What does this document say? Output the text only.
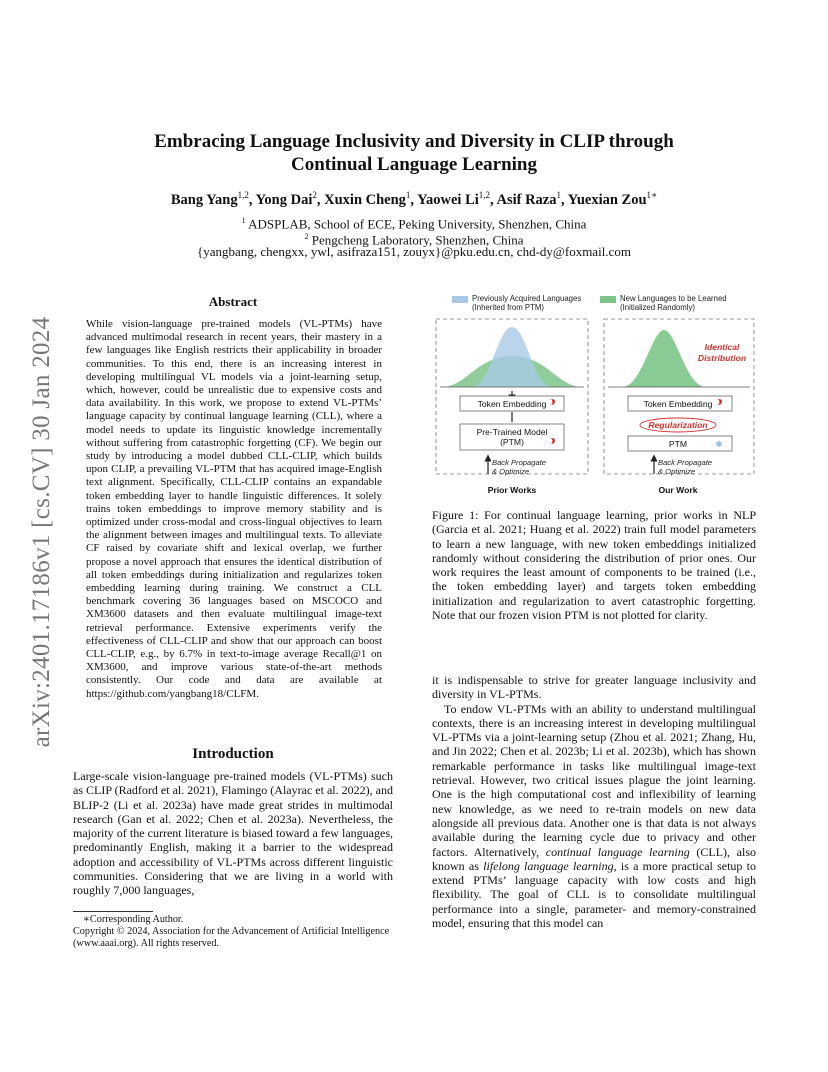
arXiv:2401.17186v1 [cs.CV] 30 Jan 2024
Embracing Language Inclusivity and Diversity in CLIP through
Continual Language Learning
Bang Yang$^{1,2}$, Yong Dai$^2$, Xuxin Cheng$^1$, Yaowei Li$^{1,2}$, Asif Raza$^1$, Yuexian Zou$^{1∗}$
$^1$ ADSPLAB, School of ECE, Peking University, Shenzhen, China
$^2$ Pengcheng Laboratory, Shenzhen, China
{yangbang, chengxx, ywl, asifraza151, zouyx}@pku.edu.cn, chd-dy@foxmail.com
Abstract

While vision-language pre-trained models (VL-PTMs) have advanced multimodal research in recent years, their mastery in a few languages like English restricts their applicability in broader communities. To this end, there is an increasing interest in developing multilingual VL models via a joint-learning setup, which, however, could be unrealistic due to expensive costs and data availability. In this work, we propose to extend VL-PTMs’ language capacity by continual language learning (CLL), where a model needs to update its linguistic knowledge incrementally without suffering from catastrophic forgetting (CF). We begin our study by introducing a model dubbed CLL-CLIP, which builds upon CLIP, a prevailing VL-PTM that has acquired image-English text alignment. Specifically, CLL-CLIP contains an expandable token embedding layer to handle linguistic differences. It solely trains token embeddings to improve memory stability and is optimized under cross-modal and cross-lingual objectives to learn the alignment between images and multilingual texts. To alleviate CF raised by covariate shift and lexical overlap, we further propose a novel approach that ensures the identical distribution of all token embeddings during initialization and regularizes token embedding learning during training. We construct a CLL benchmark covering 36 languages based on MSCOCO and XM3600 datasets and then evaluate multilingual image-text retrieval performance. Extensive experiments verify the effectiveness of CLL-CLIP and show that our approach can boost CLL-CLIP, e.g., by 6.7% in text-to-image average Recall@1 on XM3600, and improve various state-of-the-art methods consistently. Our code and data are available at https://github.com/yangbang18/CLFM.

Introduction

Large-scale vision-language pre-trained models (VL-PTMs) such as CLIP (Radford et al. 2021), Flamingo (Alayrac et al. 2022), and BLIP-2 (Li et al. 2023a) have made great strides in multimodal research (Gan et al. 2022; Chen et al. 2023a). Nevertheless, the majority of the current literature is biased toward a few languages, predominantly English, making it a barrier to the widespread adoption and accessibility of VL-PTMs across different linguistic communities. Considering that we are living in a world with roughly 7,000 languages,

∗Corresponding Author.
Copyright © 2024, Association for the Advancement of Artificial Intelligence (www.aaai.org). All rights reserved.
Previously Acquired Languages
(Inherited from PTM)
New Languages to be Learned
(Initialized Randomly)
Token Embedding
Pre-Trained Model
(PTM)
Back Propagate
& Optimize
Prior Works
Identical
Distribution
Token Embedding
Regularization
PTM	❄
Back Propagate
& Optimize
Our Work

Figure 1: For continual language learning, prior works in NLP (Garcia et al. 2021; Huang et al. 2022) train full model parameters to learn a new language, with new token embeddings initialized randomly without considering the distribution of prior ones. Our work requires the least amount of components to be trained (i.e., the token embedding layer) and targets token embedding initialization and regularization to avert catastrophic forgetting. Note that our frozen vision PTM is not plotted for clarity.

it is indispensable to strive for greater language inclusivity and diversity in VL-PTMs.

To endow VL-PTMs with an ability to understand multilingual contexts, there is an increasing interest in developing multilingual VL-PTMs via a joint-learning setup (Zhou et al. 2021; Zhang, Hu, and Jin 2022; Chen et al. 2023b; Li et al. 2023b), which has shown remarkable performance in tasks like multilingual image-text retrieval. However, two critical issues plague the joint learning. One is the high computational cost and inflexibility of learning new knowledge, as we need to re-train models on new data alongside all previous data. Another one is that data is not always available during the learning cycle due to privacy and other factors. Alternatively, continual language learning (CLL), also known as lifelong language learning, is a more practical setup to extend PTMs’ language capacity with low costs and high flexibility. The goal of CLL is to consolidate multilingual performance into a single, parameter- and memory-constrained model, ensuring that this model can
